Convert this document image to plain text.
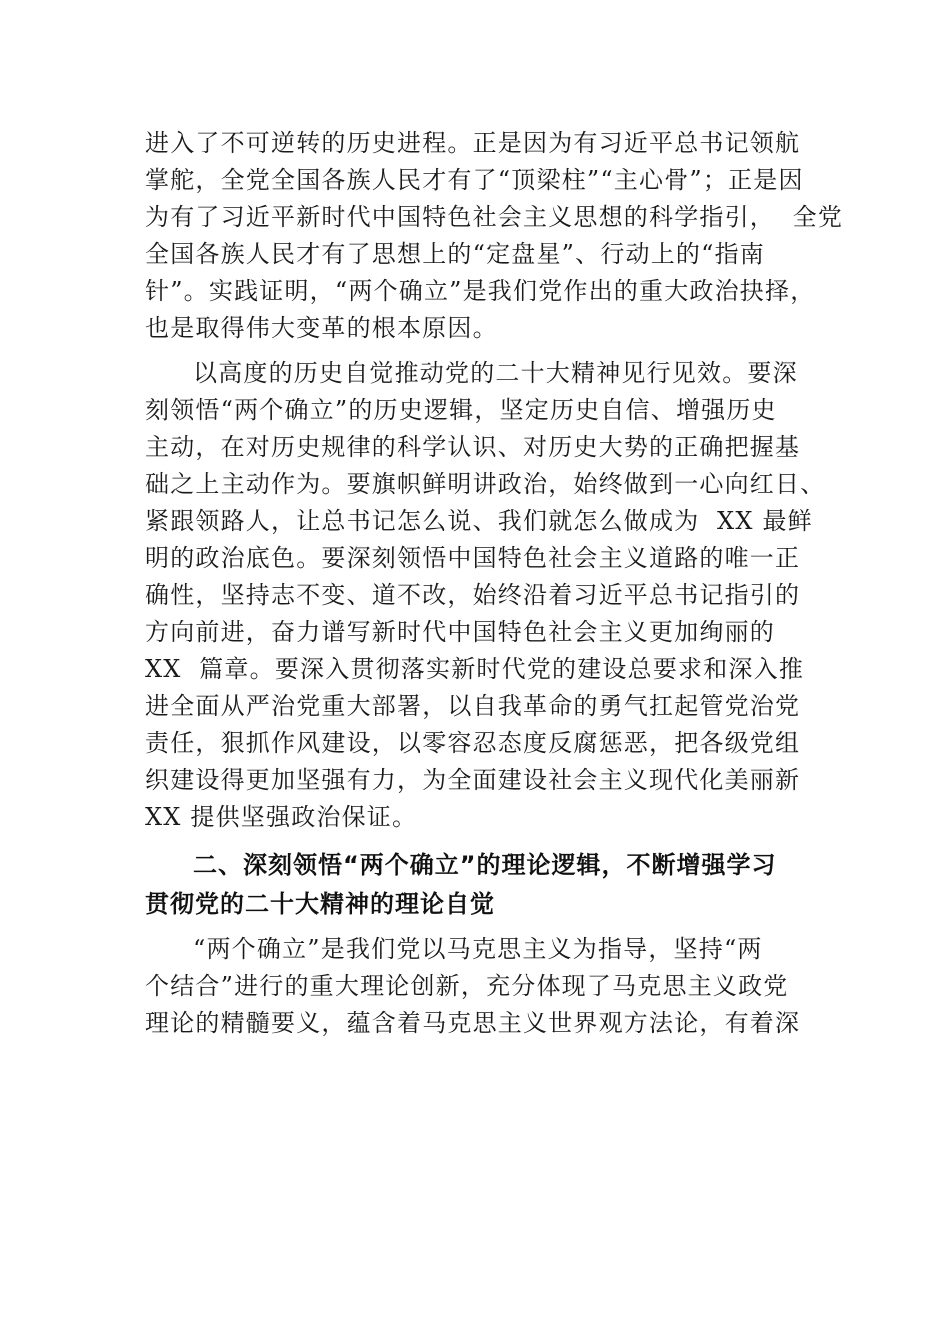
进入了不可逆转的历史进程。正是因为有习近平总书记领航
掌舵，全党全国各族人民才有了“顶梁柱”“主心骨”；正是因
为有了习近平新时代中国特色社会主义思想的科学指引，  全党
全国各族人民才有了思想上的“定盘星”、行动上的“指南
针”。实践证明，“两个确立”是我们党作出的重大政治抉择，
也是取得伟大变革的根本原因。
以高度的历史自觉推动党的二十大精神见行见效。要深
刻领悟“两个确立”的历史逻辑，坚定历史自信、增强历史
主动，在对历史规律的科学认识、对历史大势的正确把握基
础之上主动作为。要旗帜鲜明讲政治，始终做到一心向红日、
紧跟领路人，让总书记怎么说、我们就怎么做成为  XX 最鲜
明的政治底色。要深刻领悟中国特色社会主义道路的唯一正
确性，坚持志不变、道不改，始终沿着习近平总书记指引的
方向前进，奋力谱写新时代中国特色社会主义更加绚丽的
XX  篇章。要深入贯彻落实新时代党的建设总要求和深入推
进全面从严治党重大部署，以自我革命的勇气扛起管党治党
责任，狠抓作风建设，以零容忍态度反腐惩恶，把各级党组
织建设得更加坚强有力，为全面建设社会主义现代化美丽新
XX 提供坚强政治保证。
二、深刻领悟“两个确立”的理论逻辑，不断增强学习
贯彻党的二十大精神的理论自觉
“两个确立”是我们党以马克思主义为指导，坚持“两
个结合”进行的重大理论创新，充分体现了马克思主义政党
理论的精髓要义，蕴含着马克思主义世界观方法论，有着深
